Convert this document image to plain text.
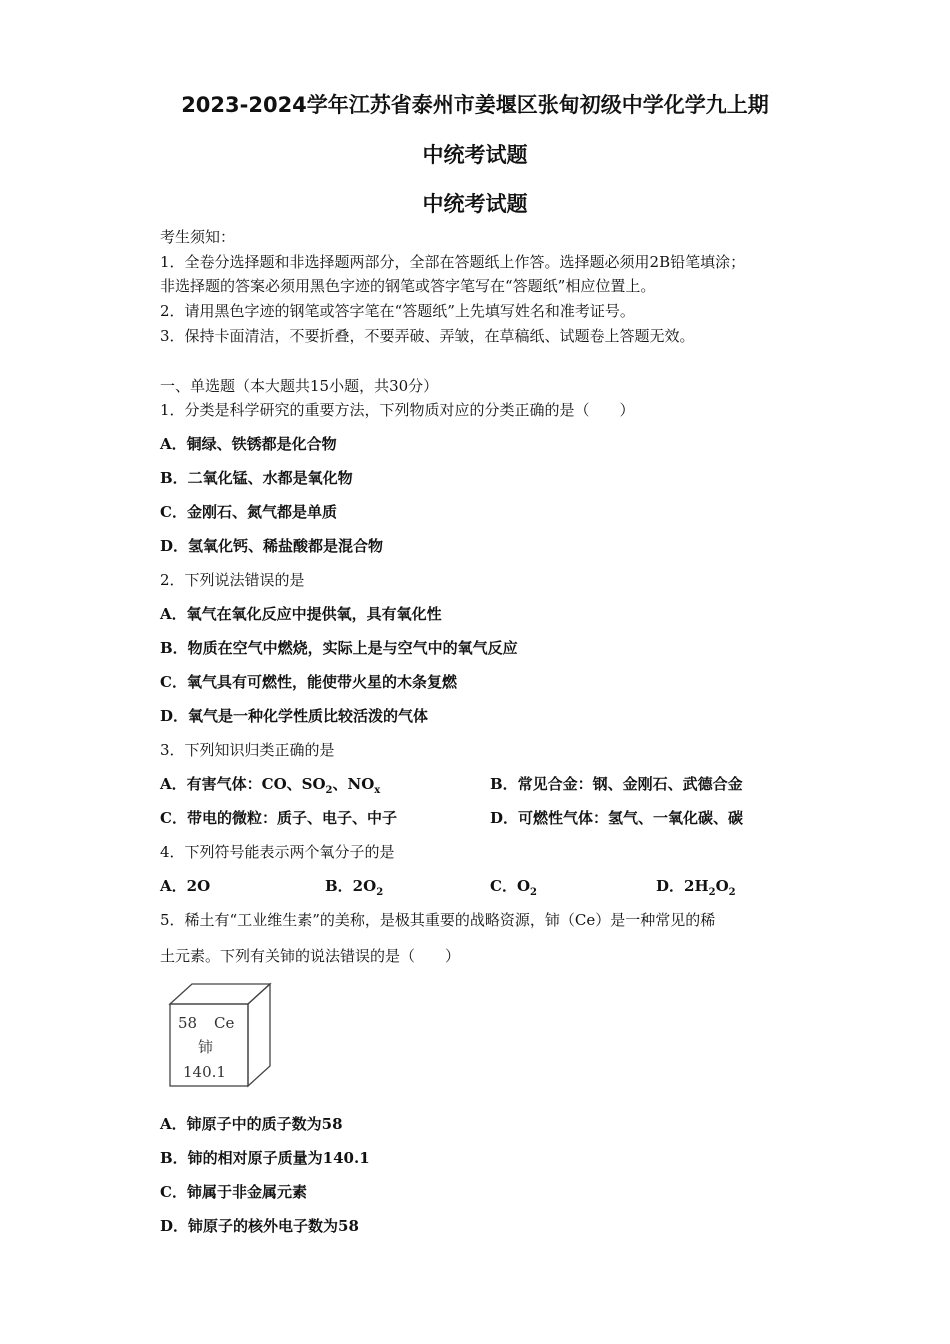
2023-2024学年江苏省泰州市姜堰区张甸初级中学化学九上期
中统考试题
中统考试题
考生须知：
1．全卷分选择题和非选择题两部分，全部在答题纸上作答。选择题必须用2B铅笔填涂；
非选择题的答案必须用黑色字迹的钢笔或答字笔写在“答题纸”相应位置上。
2．请用黑色字迹的钢笔或答字笔在“答题纸”上先填写姓名和准考证号。
3．保持卡面清洁，不要折叠，不要弄破、弄皱，在草稿纸、试题卷上答题无效。
一、单选题（本大题共15小题，共30分）
1．分类是科学研究的重要方法，下列物质对应的分类正确的是（　　）
A．铜绿、铁锈都是化合物
B．二氧化锰、水都是氧化物
C．金刚石、氮气都是单质
D．氢氧化钙、稀盐酸都是混合物
2．下列说法错误的是
A．氧气在氧化反应中提供氧，具有氧化性
B．物质在空气中燃烧，实际上是与空气中的氧气反应
C．氧气具有可燃性，能使带火星的木条复燃
D．氧气是一种化学性质比较活泼的气体
3．下列知识归类正确的是
A．有害气体：CO、$SO_2$、$NO_x$	B．常见合金：钢、金刚石、武德合金
C．带电的微粒：质子、电子、中子	D．可燃性气体：氢气、一氧化碳、碳
4．下列符号能表示两个氧分子的是
A．2O	B．$2O_2$	C．$O_2$	D．$2H_2O_2$
5．稀土有“工业维生素”的美称，是极其重要的战略资源，铈（Ce）是一种常见的稀
土元素。下列有关铈的说法错误的是（　　）
58 Ce
铈
140.1
A．铈原子中的质子数为58
B．铈的相对原子质量为140.1
C．铈属于非金属元素
D．铈原子的核外电子数为58
